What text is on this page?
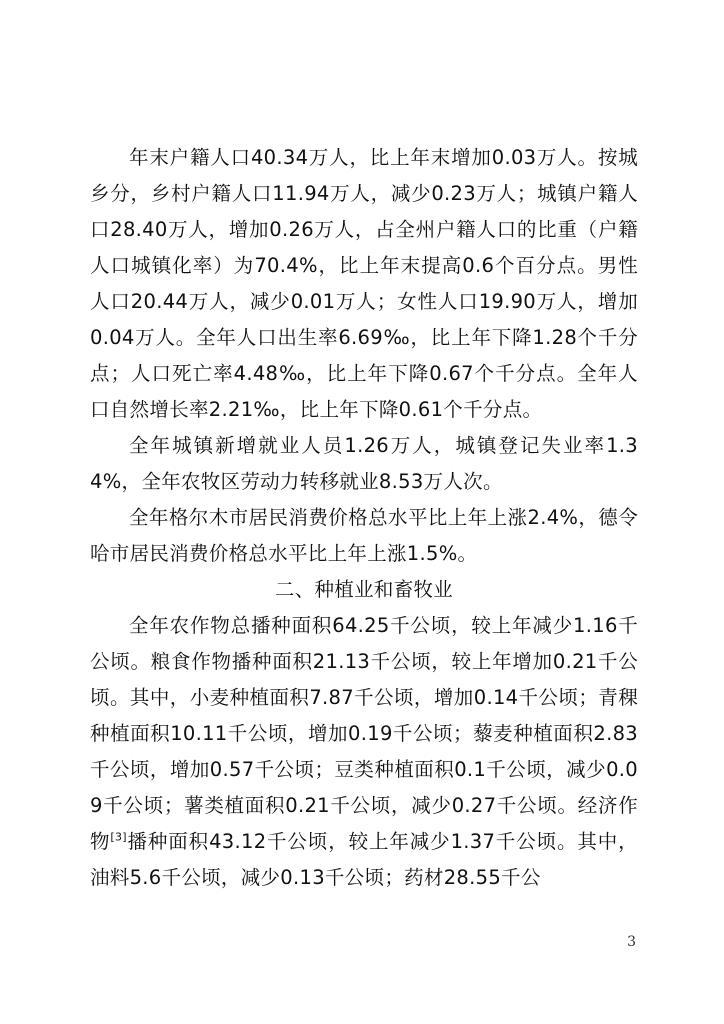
年末户籍人口40.34万人，比上年末增加0.03万人。按城乡分，乡村户籍人口11.94万人，减少0.23万人；城镇户籍人口28.40万人，增加0.26万人，占全州户籍人口的比重（户籍人口城镇化率）为70.4%，比上年末提高0.6个百分点。男性人口20.44万人，减少0.01万人；女性人口19.90万人，增加0.04万人。全年人口出生率6.69‰，比上年下降1.28个千分点；人口死亡率4.48‰，比上年下降0.67个千分点。全年人口自然增长率2.21‰，比上年下降0.61个千分点。

全年城镇新增就业人员1.26万人，城镇登记失业率1.34%，全年农牧区劳动力转移就业8.53万人次。

全年格尔木市居民消费价格总水平比上年上涨2.4%，德令哈市居民消费价格总水平比上年上涨1.5%。

二、种植业和畜牧业

全年农作物总播种面积64.25千公顷，较上年减少1.16千公顷。粮食作物播种面积21.13千公顷，较上年增加0.21千公顷。其中，小麦种植面积7.87千公顷，增加0.14千公顷；青稞种植面积10.11千公顷，增加0.19千公顷；藜麦种植面积2.83千公顷，增加0.57千公顷；豆类种植面积0.1千公顷，减少0.09千公顷；薯类植面积0.21千公顷，减少0.27千公顷。经济作物[3]播种面积43.12千公顷，较上年减少1.37千公顷。其中，油料5.6千公顷，减少0.13千公顷；药材28.55千公

3
